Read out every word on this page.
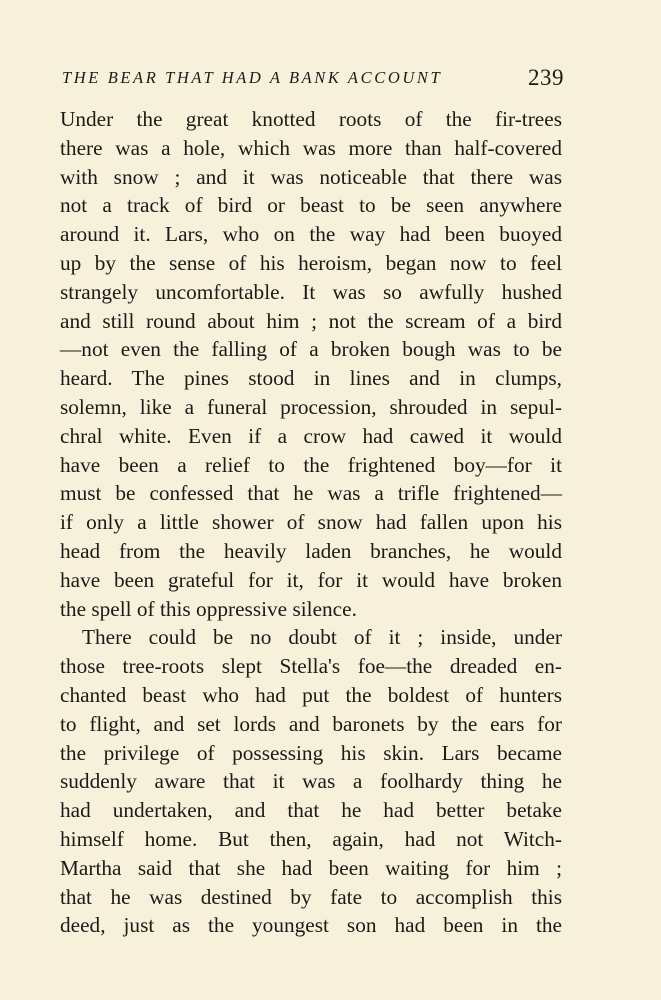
THE BEAR THAT HAD A BANK ACCOUNT	239
Under the great knotted roots of the fir-trees
there was a hole, which was more than half-covered
with snow ; and it was noticeable that there was
not a track of bird or beast to be seen anywhere
around it. Lars, who on the way had been buoyed
up by the sense of his heroism, began now to feel
strangely uncomfortable. It was so awfully hushed
and still round about him ; not the scream of a bird
—not even the falling of a broken bough was to be
heard. The pines stood in lines and in clumps,
solemn, like a funeral procession, shrouded in sepul-
chral white. Even if a crow had cawed it would
have been a relief to the frightened boy—for it
must be confessed that he was a trifle frightened—
if only a little shower of snow had fallen upon his
head from the heavily laden branches, he would
have been grateful for it, for it would have broken
the spell of this oppressive silence.
There could be no doubt of it ; inside, under
those tree-roots slept Stella's foe—the dreaded en-
chanted beast who had put the boldest of hunters
to flight, and set lords and baronets by the ears for
the privilege of possessing his skin. Lars became
suddenly aware that it was a foolhardy thing he
had undertaken, and that he had better betake
himself home. But then, again, had not Witch-
Martha said that she had been waiting for him ;
that he was destined by fate to accomplish this
deed, just as the youngest son had been in the
